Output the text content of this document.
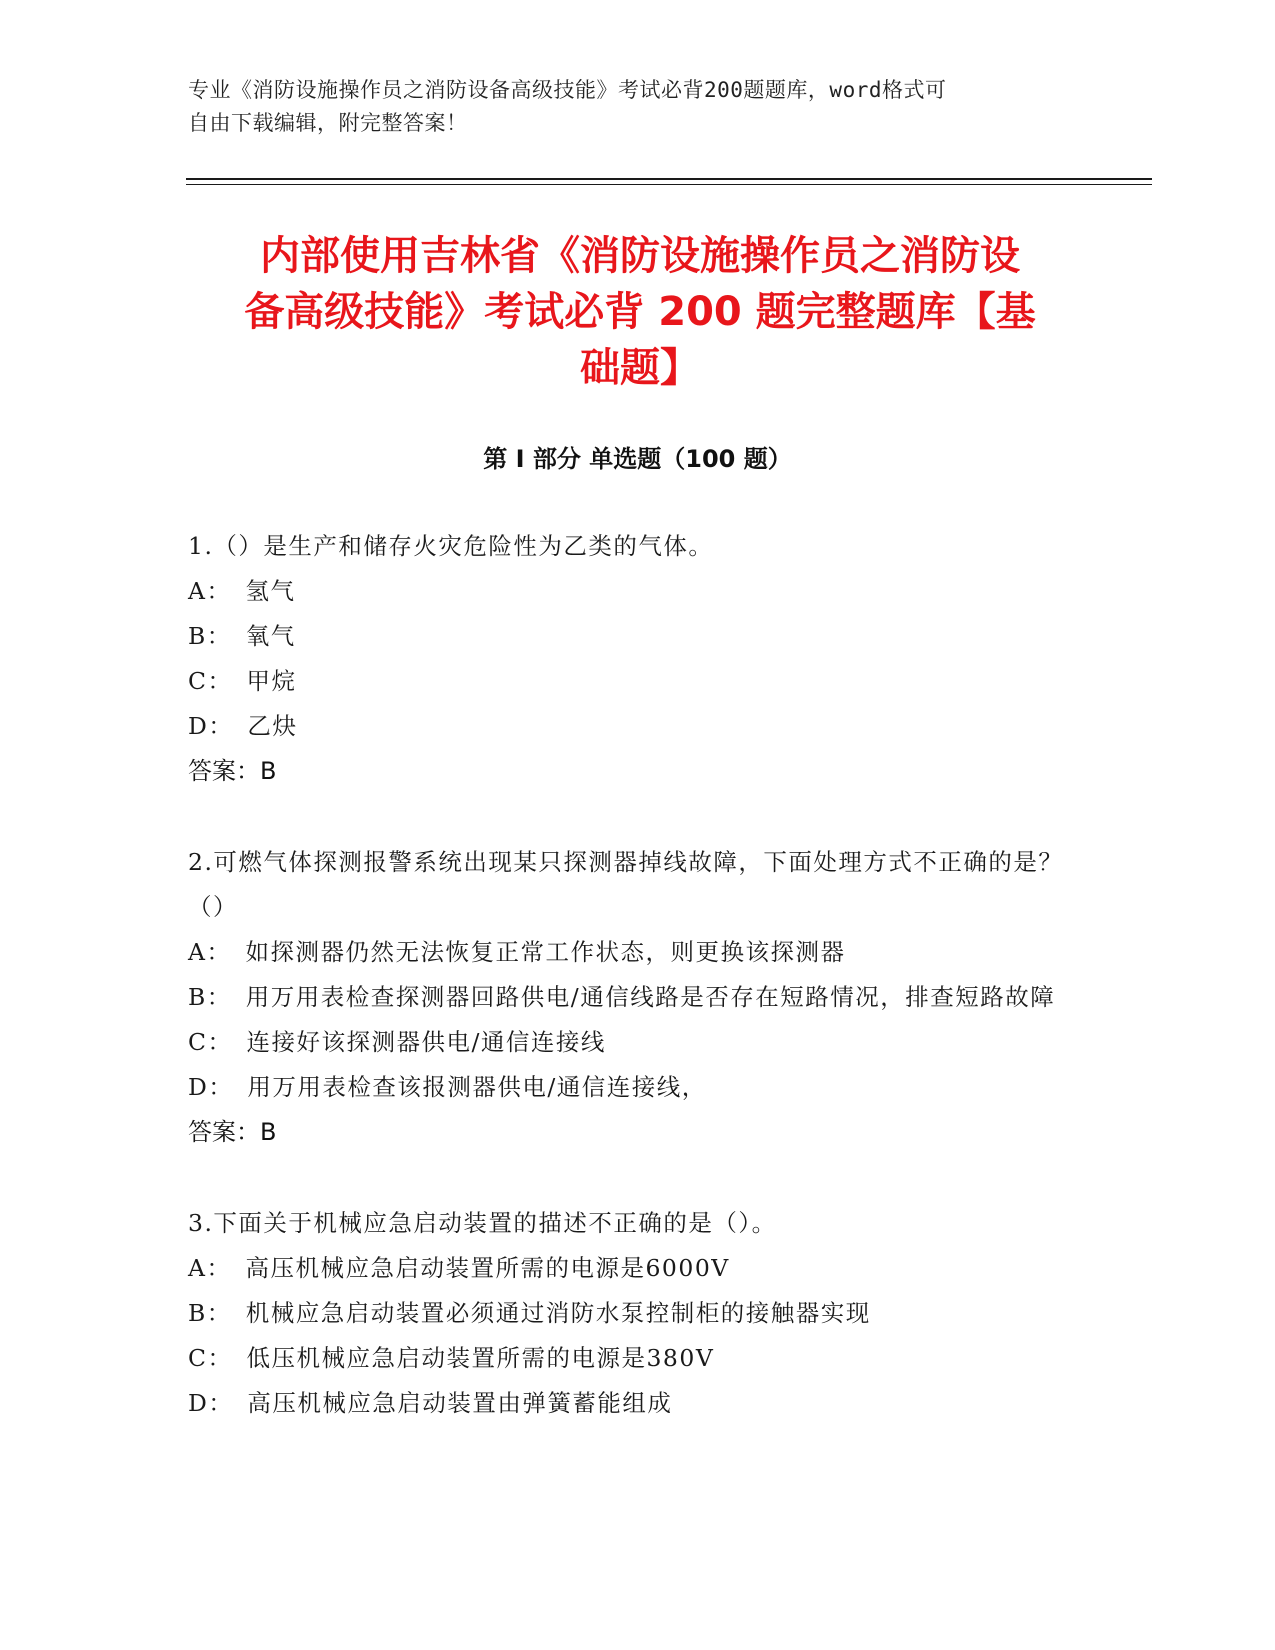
专业《消防设施操作员之消防设备高级技能》考试必背200题题库，word格式可
自由下载编辑，附完整答案！
内部使用吉林省《消防设施操作员之消防设
备高级技能》考试必背 200 题完整题库【基
础题】
第 I 部分 单选题（100 题）
1.（）是生产和储存火灾危险性为乙类的气体。
A： 氢气
B： 氧气
C： 甲烷
D： 乙炔
答案：B
2.可燃气体探测报警系统出现某只探测器掉线故障，下面处理方式不正确的是？（）
A： 如探测器仍然无法恢复正常工作状态，则更换该探测器
B： 用万用表检查探测器回路供电/通信线路是否存在短路情况，排查短路故障
C： 连接好该探测器供电/通信连接线
D： 用万用表检查该报测器供电/通信连接线，
答案：B
3.下面关于机械应急启动装置的描述不正确的是（）。
A： 高压机械应急启动装置所需的电源是6000V
B： 机械应急启动装置必须通过消防水泵控制柜的接触器实现
C： 低压机械应急启动装置所需的电源是380V
D： 高压机械应急启动装置由弹簧蓄能组成
